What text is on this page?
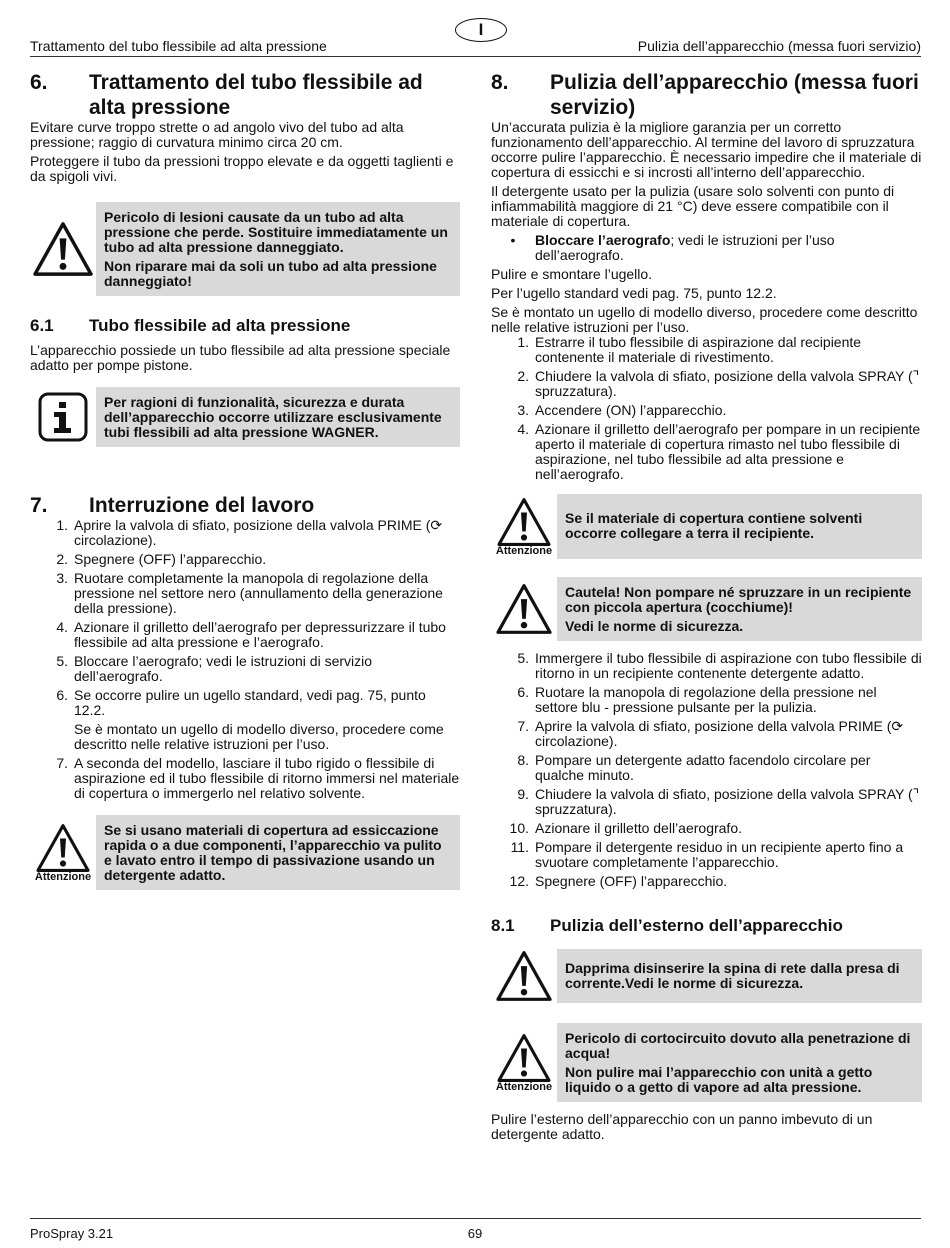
Trattamento del tubo flessibile ad alta pressione
I
Pulizia dell’apparecchio (messa fuori servizio)
6.	Trattamento del tubo flessibile ad alta pressione

Evitare curve troppo strette o ad angolo vivo del tubo ad alta pressione; raggio di curvatura minimo circa 20 cm.

Proteggere il tubo da pressioni troppo elevate e da oggetti taglienti e da spigoli vivi.

Pericolo di lesioni causate da un tubo ad alta pressione che perde. Sostituire immediatamente un tubo ad alta pressione danneggiato.

Non riparare mai da soli un tubo ad alta pressione danneggiato!

6.1	Tubo flessibile ad alta pressione

L’apparecchio possiede un tubo flessibile ad alta pressione speciale adatto per pompe pistone.

Per ragioni di funzionalità, sicurezza e durata dell’apparecchio occorre utilizzare esclusivamente tubi flessibili ad alta pressione WAGNER.

7.	Interruzione del lavoro
1. Aprire la valvola di sfiato, posizione della valvola PRIME (⟳ circolazione).
2. Spegnere (OFF) l’apparecchio.
3. Ruotare completamente la manopola di regolazione della pressione nel settore nero (annullamento della generazione della pressione).
4. Azionare il grilletto dell’aerografo per depressurizzare il tubo flessibile ad alta pressione e l’aerografo.
5. Bloccare l’aerografo; vedi le istruzioni di servizio dell’aerografo.
6. Se occorre pulire un ugello standard, vedi pag. 75, punto 12.2.
Se è montato un ugello di modello diverso, procedere come descritto nelle relative istruzioni per l’uso.
7. A seconda del modello, lasciare il tubo rigido o flessibile di aspirazione ed il tubo flessibile di ritorno immersi nel materiale di copertura o immergerlo nel relativo solvente.
Attenzione

Se si usano materiali di copertura ad essiccazione rapida o a due componenti, l’apparecchio va pulito e lavato entro il tempo di passivazione usando un detergente adatto.

8.	Pulizia dell’apparecchio (messa fuori servizio)

Un’accurata pulizia è la migliore garanzia per un corretto funzionamento dell’apparecchio. Al termine del lavoro di spruzzatura occorre pulire l’apparecchio. È necessario impedire che il materiale di copertura di essicchi e si incrosti all’interno dell’apparecchio.

Il detergente usato per la pulizia (usare solo solventi con punto di infiammabilità maggiore di 21 °C) deve essere compatibile con il materiale di copertura.

•	Bloccare l’aerografo; vedi le istruzioni per l’uso dell’aerografo.

Pulire e smontare l’ugello.

Per l’ugello standard vedi pag. 75, punto 12.2.

Se è montato un ugello di modello diverso, procedere come descritto nelle relative istruzioni per l’uso.

1. Estrarre il tubo flessibile di aspirazione dal recipiente contenente il materiale di rivestimento.
2. Chiudere la valvola di sfiato, posizione della valvola SPRAY (⌝ spruzzatura).
3. Accendere (ON) l’apparecchio.
4. Azionare il grilletto dell’aerografo per pompare in un recipiente aperto il materiale di copertura rimasto nel tubo flessibile di aspirazione, nel tubo flessibile ad alta pressione e nell’aerografo.
Attenzione

Se il materiale di copertura contiene solventi occorre collegare a terra il recipiente.

Cautela! Non pompare né spruzzare in un recipiente con piccola apertura (cocchiume)!

Vedi le norme di sicurezza.

5. Immergere il tubo flessibile di aspirazione con tubo flessibile di ritorno in un recipiente contenente detergente adatto.
6. Ruotare la manopola di regolazione della pressione nel settore blu - pressione pulsante per la pulizia.
7. Aprire la valvola di sfiato, posizione della valvola PRIME (⟳ circolazione).
8. Pompare un detergente adatto facendolo circolare per qualche minuto.
9. Chiudere la valvola di sfiato, posizione della valvola SPRAY (⌝ spruzzatura).
10. Azionare il grilletto dell’aerografo.
11. Pompare il detergente residuo in un recipiente aperto fino a svuotare completamente l’apparecchio.
12. Spegnere (OFF) l’apparecchio.
8.1	Pulizia dell’esterno dell’apparecchio

Dapprima disinserire la spina di rete dalla presa di corrente.Vedi le norme di sicurezza.

Attenzione

Pericolo di cortocircuito dovuto alla penetrazione di acqua!

Non pulire mai l’apparecchio con unità a getto liquido o a getto di vapore ad alta pressione.

Pulire l’esterno dell’apparecchio con un panno imbevuto di un detergente adatto.

ProSpray 3.21	69
